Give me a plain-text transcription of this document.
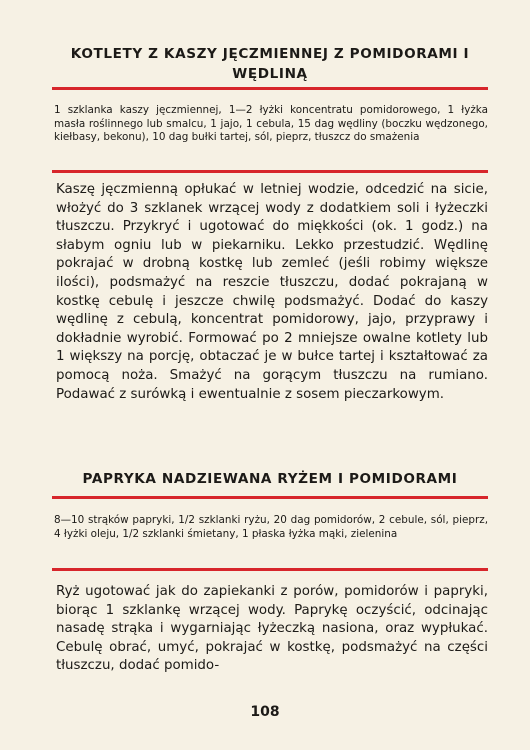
KOTLETY Z KASZY JĘCZMIENNEJ Z POMIDORAMI I WĘDLINĄ

1 szklanka kaszy jęczmiennej, 1—2 łyżki koncentratu pomidorowego, 1 łyżka masła roślinnego lub smalcu, 1 jajo, 1 cebula, 15 dag wędliny (boczku wędzonego, kiełbasy, bekonu), 10 dag bułki tartej, sól, pieprz, tłuszcz do smażenia

Kaszę jęczmienną opłukać w letniej wodzie, odcedzić na sicie, włożyć do 3 szklanek wrzącej wody z dodatkiem soli i łyżeczki tłuszczu. Przykryć i ugotować do miękkości (ok. 1 godz.) na słabym ogniu lub w piekarniku. Lekko przestudzić. Wędlinę pokrajać w drobną kostkę lub zemleć (jeśli robimy większe ilości), podsmażyć na reszcie tłuszczu, dodać pokrajaną w kostkę cebulę i jeszcze chwilę podsmażyć. Dodać do kaszy wędlinę z cebulą, koncentrat pomidorowy, jajo, przyprawy i dokładnie wyrobić. Formować po 2 mniejsze owalne kotlety lub 1 większy na porcję, obtaczać je w bułce tartej i kształtować za pomocą noża. Smażyć na gorącym tłuszczu na rumiano. Podawać z surówką i ewentualnie z sosem pieczarkowym.

PAPRYKA NADZIEWANA RYŻEM I POMIDORAMI

8—10 strąków papryki, 1/2 szklanki ryżu, 20 dag pomidorów, 2 cebule, sól, pieprz, 4 łyżki oleju, 1/2 szklanki śmietany, 1 płaska łyżka mąki, zielenina

Ryż ugotować jak do zapiekanki z porów, pomidorów i papryki, biorąc 1 szklankę wrzącej wody. Paprykę oczyścić, odcinając nasadę strąka i wygarniając łyżeczką nasiona, oraz wypłukać. Cebulę obrać, umyć, pokrajać w kostkę, podsmażyć na części tłuszczu, dodać pomido-

108
